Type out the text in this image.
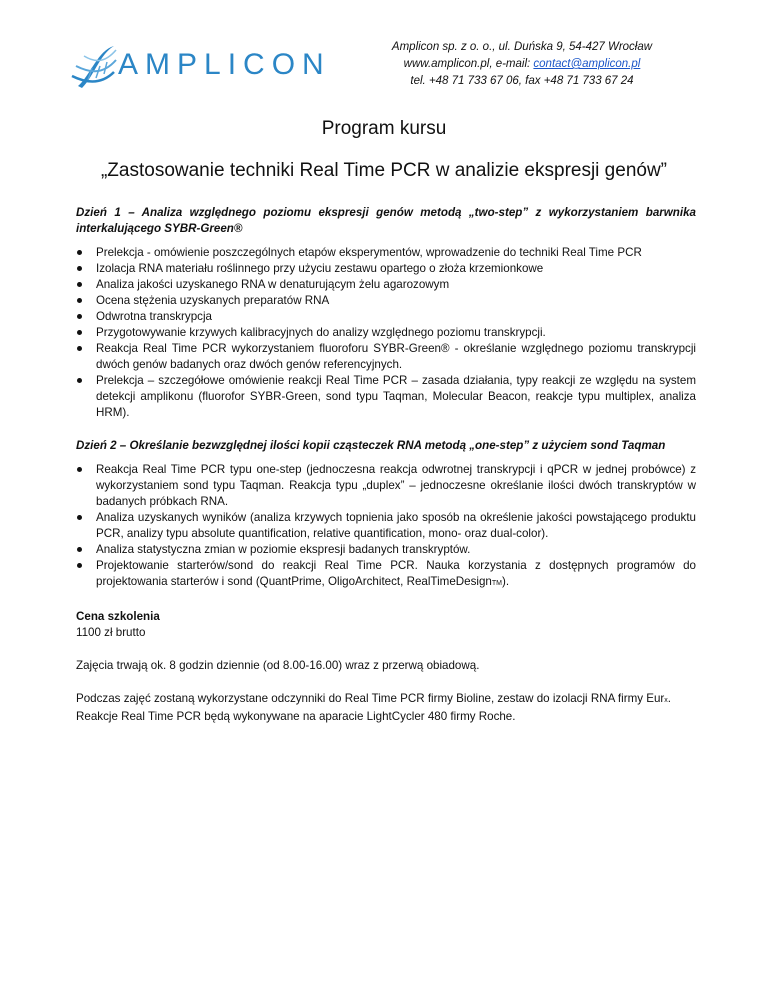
AMPLICON
Amplicon sp. z o. o., ul. Duńska 9, 54-427 Wrocław
www.amplicon.pl, e-mail: contact@amplicon.pl
tel. +48 71 733 67 06, fax +48 71 733 67 24
Program kursu
„Zastosowanie techniki Real Time PCR w analizie ekspresji genów”

Dzień 1 – Analiza względnego poziomu ekspresji genów metodą „two-step” z wykorzystaniem barwnika interkalującego SYBR-Green®

Prelekcja - omówienie poszczególnych etapów eksperymentów, wprowadzenie do techniki Real Time PCR
Izolacja RNA materiału roślinnego przy użyciu zestawu opartego o złoża krzemionkowe
Analiza jakości uzyskanego RNA w denaturującym żelu agarozowym
Ocena stężenia uzyskanych preparatów RNA
Odwrotna transkrypcja
Przygotowywanie krzywych kalibracyjnych do analizy względnego poziomu transkrypcji.
Reakcja Real Time PCR wykorzystaniem fluoroforu SYBR-Green® - określanie względnego poziomu transkrypcji dwóch genów badanych oraz dwóch genów referencyjnych.
Prelekcja – szczegółowe omówienie reakcji Real Time PCR – zasada działania, typy reakcji ze względu na system detekcji amplikonu (fluorofor SYBR-Green, sond typu Taqman, Molecular Beacon, reakcje typu multiplex, analiza HRM).

Dzień 2 – Określanie bezwzględnej ilości kopii cząsteczek RNA metodą „one-step” z użyciem sond Taqman

Reakcja Real Time PCR typu one-step (jednoczesna reakcja odwrotnej transkrypcji i qPCR w jednej probówce) z wykorzystaniem sond typu Taqman. Reakcja typu „duplex” – jednoczesne określanie ilości dwóch transkryptów w badanych próbkach RNA.
Analiza uzyskanych wyników (analiza krzywych topnienia jako sposób na określenie jakości powstającego produktu PCR, analizy typu absolute quantification, relative quantification, mono- oraz dual-color).
Analiza statystyczna zmian w poziomie ekspresji badanych transkryptów.
Projektowanie starterów/sond do reakcji Real Time PCR. Nauka korzystania z dostępnych programów do projektowania starterów i sond (QuantPrime, OligoArchitect, RealTimeDesignTM).
Cena szkolenia
1100 zł brutto
Zajęcia trwają ok. 8 godzin dziennie (od 8.00-16.00) wraz z przerwą obiadową.
Podczas zajęć zostaną wykorzystane odczynniki do Real Time PCR firmy Bioline, zestaw do izolacji RNA firmy Eurx.
Reakcje Real Time PCR będą wykonywane na aparacie LightCycler 480 firmy Roche.
